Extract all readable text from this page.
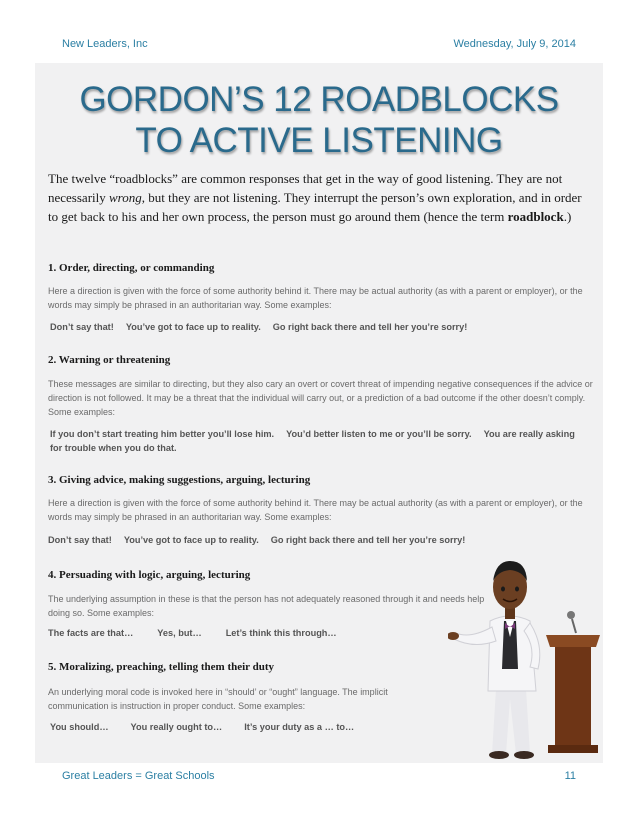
New Leaders, Inc	Wednesday, July 9, 2014
GORDON’S 12 ROADBLOCKS
TO ACTIVE LISTENING
The twelve “roadblocks” are common responses that get in the way of good listening. They are not necessarily wrong, but they are not listening. They interrupt the person’s own exploration, and in order to get back to his and her own process, the person must go around them (hence the term roadblock.)
1. Order, directing, or commanding
Here a direction is given with the force of some authority behind it. There may be actual authority (as with a parent or employer), or the words may simply be phrased in an authoritarian way. Some examples:
Don’t say that! You’ve got to face up to reality. Go right back there and tell her you’re sorry!
2. Warning or threatening
These messages are similar to directing, but they also cary an overt or covert threat of impending negative consequences if the advice or direction is not followed. It may be a threat that the individual will carry out, or a prediction of a bad outcome if the other doesn’t comply. Some examples:
If you don’t start treating him better you’ll lose him. You’d better listen to me or you’ll be sorry. You are really asking for trouble when you do that.
3. Giving advice, making suggestions, arguing, lecturing
Here a direction is given with the force of some authority behind it. There may be actual authority (as with a parent or employer), or the words may simply be phrased in an authoritarian way. Some examples:
Don’t say that! You’ve got to face up to reality. Go right back there and tell her you’re sorry!
4. Persuading with logic, arguing, lecturing
The underlying assumption in these is that the person has not adequately reasoned through it and needs help doing so. Some examples:
The facts are that…	Yes, but…	Let’s think this through…
5. Moralizing, preaching, telling them their duty
An underlying moral code is invoked here in “should’ or “ought” language. The implicit communication is instruction in proper conduct. Some examples:
You should… You really ought to… It’s your duty as a … to…
Great Leaders = Great Schools	11
